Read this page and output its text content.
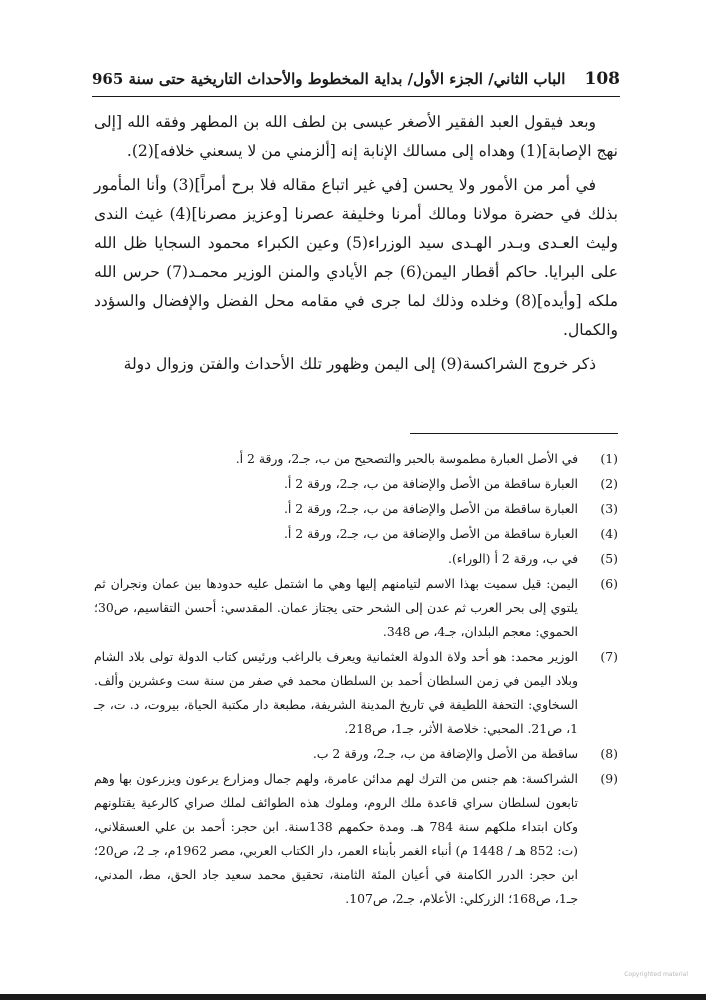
108
الباب الثاني/ الجزء الأول/ بداية المخطوط والأحداث التاريخية حتى سنة 965

وبعد فيقول العبد الفقير الأصغر عيسى بن لطف الله بن المطهر وفقه الله [إلى نهج الإصابة](1) وهداه إلى مسالك الإنابة إنه [ألزمني من لا يسعني خلافه](2).

في أمر من الأمور ولا يحسن [في غير اتباع مقاله فلا برح أمراً](3) وأنا المأمور بذلك في حضرة مولانا ومالك أمرنا وخليفة عصرنا [وعزيز مصرنا](4) غيث الندى وليث العـدى وبـدر الهـدى سيد الوزراء(5) وعين الكبراء محمود السجايا ظل الله على البرايا. حاكم أقطار اليمن(6) جم الأيادي والمنن الوزير محمـد(7) حرس الله ملكه [وأيده](8) وخلده وذلك لما جرى في مقامه محل الفضل والإفضال والسؤدد والكمال.

ذكر خروج الشراكسة(9) إلى اليمن وظهور تلك الأحداث والفتن وزوال دولة

(1)
في الأصل العبارة مطموسة بالحبر والتصحيح من ب، جـ2، ورقة 2 أ.
(2)
العبارة ساقطة من الأصل والإضافة من ب، جـ2، ورقة 2 أ.
(3)
العبارة ساقطة من الأصل والإضافة من ب، جـ2، ورقة 2 أ.
(4)
العبارة ساقطة من الأصل والإضافة من ب، جـ2، ورقة 2 أ.
(5)
في ب، ورقة 2 أ (الوراء).
(6)
اليمن: قيل سميت بهذا الاسم لتيامنهم إليها وهي ما اشتمل عليه حدودها بين عمان ونجران ثم يلتوي إلى بحر العرب ثم عدن إلى الشحر حتى يجتاز عمان. المقدسي: أحسن التقاسيم، ص30؛ الحموي: معجم البلدان، جـ4، ص 348.
(7)
الوزير محمد: هو أحد ولاة الدولة العثمانية ويعرف بالراغب ورئيس كتاب الدولة تولى بلاد الشام وبلاد اليمن في زمن السلطان أحمد بن السلطان محمد في صفر من سنة ست وعشرين وألف. السخاوي: التحفة اللطيفة في تاريخ المدينة الشريفة، مطبعة دار مكتبة الحياة، بيروت، د. ت، جـ 1، ص21. المحبي: خلاصة الأثر، جـ1، ص218.
(8)
ساقطة من الأصل والإضافة من ب، جـ2، ورقة 2 ب.
(9)
الشراكسة: هم جنس من الترك لهم مدائن عامرة، ولهم جمال ومزارع يرعون ويزرعون بها وهم تابعون لسلطان سراي قاعدة ملك الروم، وملوك هذه الطوائف لملك صراي كالرعية يقتلونهم وكان ابتداء ملكهم سنة 784 هـ. ومدة حكمهم 138سنة. ابن حجر: أحمد بن علي العسقلاني، (ت: 852 هـ / 1448 م) أنباء الغمر بأبناء العمر، دار الكتاب العربي، مصر 1962م، جـ 2، ص20؛ ابن حجر: الدرر الكامنة في أعيان المئة الثامنة، تحقيق محمد سعيد جاد الحق، مط، المدني، جـ1، ص168؛ الزركلي: الأعلام، جـ2، ص107.
Copyrighted material
